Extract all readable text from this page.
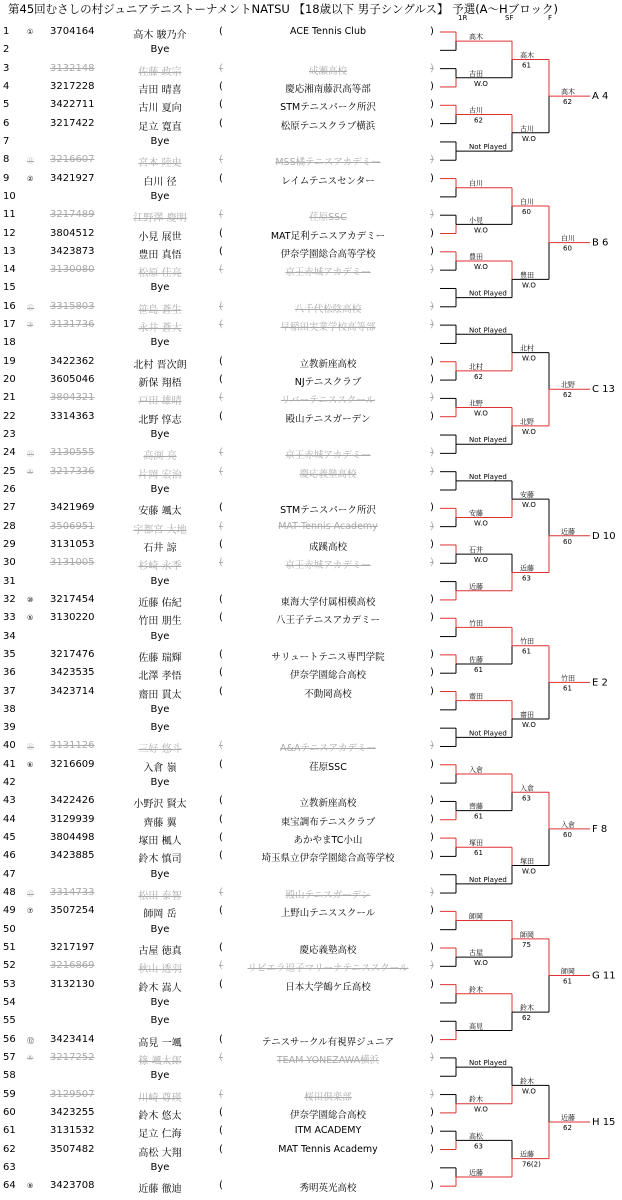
第45回むさしの村ジュニアテニストーナメントNATSU 【18歳以下 男子シングルス】 予選(A～Hブロック)
1R	SF	F
1	① 3704164	高木 駿乃介	(	ACE Tennis Club	)
2	Bye
3	3132148	佐藤 政宗	(	成瀬高校	)
4	3217228	吉田 晴喜	(	慶応湘南藤沢高等部	)
5	3422711	古川 夏向	(	STMテニスパーク所沢	)
6	3217422	足立 寛直	(	松原テニスクラブ横浜	)
7	Bye
8	⑪ 3216607	宮本 陸史	(	MSS橘テニスアカデミー	)
9	② 3421927	白川 径	(	レイムテニスセンター	)
10	Bye
11	3217489	江野澤 慶明	(	荏原SSC	)
12	3804512	小見 展世	(	MAT足利テニスアカデミー	)
13	3423873	豊田 真悟	(	伊奈学園総合高等学校	)
14	3130080	松原 佳亮	(	京王赤城アカデミー	)
15	Bye
16	⑮ 3315803	笹島 蒼生	(	八千代松陰高校	)
17	③ 3131736	永井 蒼大	(	早稲田実業学校高等部	)
18	Bye
19	3422362	北村 晋次朗	(	立教新座高校	)
20	3605046	新保 翔梧	(	NJテニスクラブ	)
21	3804321	戸田 雄晴	(	リバーテニススクール	)
22	3314363	北野 惇志	(	殿山テニスガーデン	)
23	Bye
24	⑭ 3130555	高渕 亮	(	京王赤城アカデミー	)
25	④ 3217336	片岡 宏治	(	慶応義塾高校	)
26	Bye
27	3421969	安藤 颯太	(	STMテニスパーク所沢	)
28	3506951	宇都宮 大地	(	MAT Tennis Academy	)
29	3131053	石井 諒	(	成蹊高校	)
30	3131005	杉崎 永季	(	京王赤城アカデミー	)
31	Bye
32	⑩ 3217454	近藤 佑紀	(	東海大学付属相模高校	)
33	⑤ 3130220	竹田 朋生	(	八王子テニスアカデミー	)
34	Bye
35	3217476	佐藤 瑞輝	(	サリュートテニス専門学院	)
36	3423535	北澤 孝悟	(	伊奈学園総合高校	)
37	3423714	齋田 貫太	(	不動岡高校	)
38	Bye
39	Bye
40	⑯ 3131126	三好 悠斗	(	A&Aテニスアカデミー	)
41	⑥ 3216609	入倉 嶺	(	荏原SSC	)
42	Bye
43	3422426	小野沢 賢太	(	立教新座高校	)
44	3129939	齊藤 翼	(	東宝調布テニスクラブ	)
45	3804498	塚田 楓人	(	あかやまTC小山	)
46	3423885	鈴木 慎司	(	埼玉県立伊奈学園総合高等学校	)
47	Bye
48	⑬ 3314733	松田 泰智	(	殿山テニスガーデン	)
49	⑦ 3507254	師岡 岳	(	上野山テニススクール	)
50	Bye
51	3217197	古屋 徳真	(	慶応義塾高校	)
52	3216869	秋山 透羽	(	リビエラ逗子マリーナテニススクール	)
53	3132130	鈴木 嵩人	(	日本大学鶴ケ丘高校	)
54	Bye
55	Bye
56	⑫ 3423414	高見 一颯	(	テニスサークル有視界ジュニア	)
57	⑧ 3217252	篠 颯太郎	(	TEAM YONEZAWA横浜	)
58	Bye
59	3129507	川崎 尊瑛	(	桜田倶楽部	)
60	3423255	鈴木 悠太	(	伊奈学園総合高校	)
61	3131532	足立 仁海	(	ITM ACADEMY	)
62	3507482	高松 大翔	(	MAT Tennis Academy	)
63	Bye
64	⑨ 3423708	近藤 徹迪	(	秀明英光高校	)
高木
吉田
W.O
古川
62
Not Played
高木
61
古川
W.O
高木
62 A 4
白川
小見
W.O
豊田
W.O
Not Played
白川
60
豊田
W.O
白川
60 B 6
Not Played
北村
62
北野
W.O
Not Played
北村
W.O
北野
W.O
北野
62 C 13
Not Played
安藤
W.O
石井
W.O
近藤
安藤
W.O
近藤
63
近藤
60 D 10
竹田
佐藤
61
齋田
Not Played
竹田
61
齋田
W.O
竹田
61 E 2
入倉
齊藤
61
塚田
61
Not Played
入倉
63
塚田
W.O
入倉
60 F 8
師岡
古屋
W.O
鈴木
高見
師岡
75
鈴木
62
師岡
61 G 11
Not Played
鈴木
W.O
高松
63
近藤
鈴木
W.O
近藤
76(2)
近藤
62 H 15
